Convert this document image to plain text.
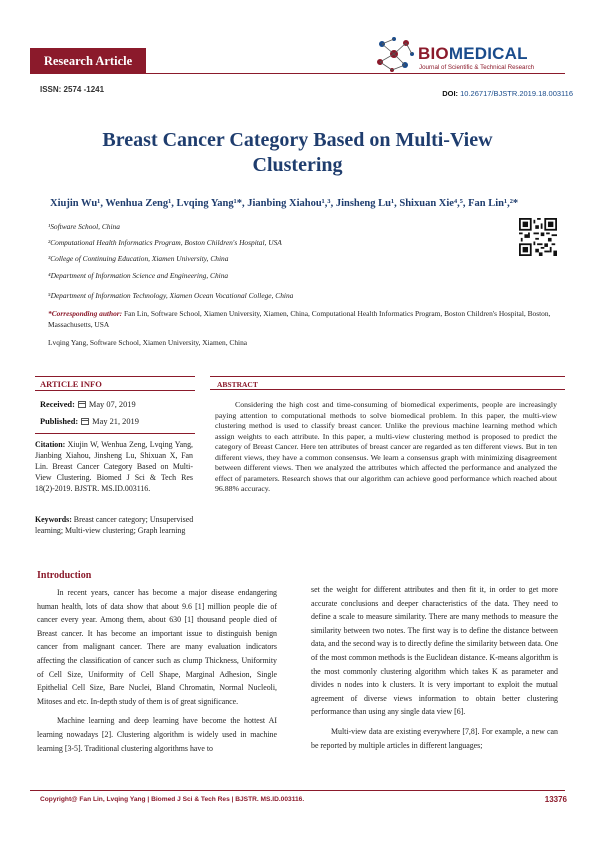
Research Article	BIOMEDICAL
Journal of Scientific & Technical Research
ISSN: 2574 -1241	DOI: 10.26717/BJSTR.2019.18.003116
Breast Cancer Category Based on Multi-View Clustering
Xiujin Wu¹, Wenhua Zeng¹, Lvqing Yang¹*, Jianbing Xiahou¹,³, Jinsheng Lu¹, Shixuan Xie⁴,⁵, Fan Lin¹,²*
¹Software School, China
²Computational Health Informatics Program, Boston Children's Hospital, USA
³College of Continuing Education, Xiamen University, China
⁴Department of Information Science and Engineering, China
⁵Department of Information Technology, Xiamen Ocean Vocational College, China
*Corresponding author: Fan Lin, Software School, Xiamen University, Xiamen, China, Computational Health Informatics Program, Boston Children's Hospital, Boston, Massachusetts, USA
Lvqing Yang, Software School, Xiamen University, Xiamen, China
ARTICLE INFO	ABSTRACT
Received: May 07, 2019
Published: May 21, 2019
Citation: Xiujin W, Wenhua Zeng, Lvqing Yang, Jianbing Xiahou, Jinsheng Lu, Shixuan X, Fan Lin. Breast Cancer Category Based on Multi-View Clustering. Biomed J Sci & Tech Res 18(2)-2019. BJSTR. MS.ID.003116.
Keywords: Breast cancer category; Unsupervised learning; Multi-view clustering; Graph learning
Considering the high cost and time-consuming of biomedical experiments, people are increasingly paying attention to computational methods to solve biomedical problem. In this paper, the multi-view clustering method is used to classify breast cancer. Unlike the previous machine learning method which assign weights to each attribute. In this paper, a multi-view clustering method is proposed to predict the category of Breast Cancer. Here ten attributes of breast cancer are regarded as ten different views. But in ten different views, they have a common consensus. We learn a consensus graph with minimizing disagreement between different views. Then we analyzed the attributes which affected the performance and analyzed the effect of parameters. Research shows that our algorithm can achieve good performance which reached about 96.88% accuracy.
Introduction

In recent years, cancer has become a major disease endangering human health, lots of data show that about 9.6 [1] million people die of cancer every year. Among them, about 630 [1] thousand people died of Breast cancer. It has become an important issue to distinguish benign cancer from malignant cancer. There are many evaluation indicators affecting the classification of cancer such as clump Thickness, Uniformity of Cell Size, Uniformity of Cell Shape, Marginal Adhesion, Single Epithelial Cell Size, Bare Nuclei, Bland Chromatin, Normal Nucleoli, Mitoses and etc. In-depth study of them is of great significance.

Machine learning and deep learning have become the hottest AI learning nowadays [2]. Clustering algorithm is widely used in machine learning [3-5]. Traditional clustering algorithms have to

set the weight for different attributes and then fit it, in order to get more accurate conclusions and deeper characteristics of the data. They need to define a scale to measure similarity. There are many methods to measure the similarity between two notes. The first way is to define the distance between data, and the second way is to directly define the similarity between data. One of the most common methods is the Euclidean distance. K-means algorithm is the most commonly clustering algorithm which takes K as parameter and divides n nodes into k clusters. It is very important to exploit the mutual agreement of diverse views information to obtain better clustering performance than using any single data view [6].

Multi-view data are existing everywhere [7,8]. For example, a new can be reported by multiple articles in different languages;

Copyright@ Fan Lin, Lvqing Yang | Biomed J Sci & Tech Res | BJSTR. MS.ID.003116.	13376
